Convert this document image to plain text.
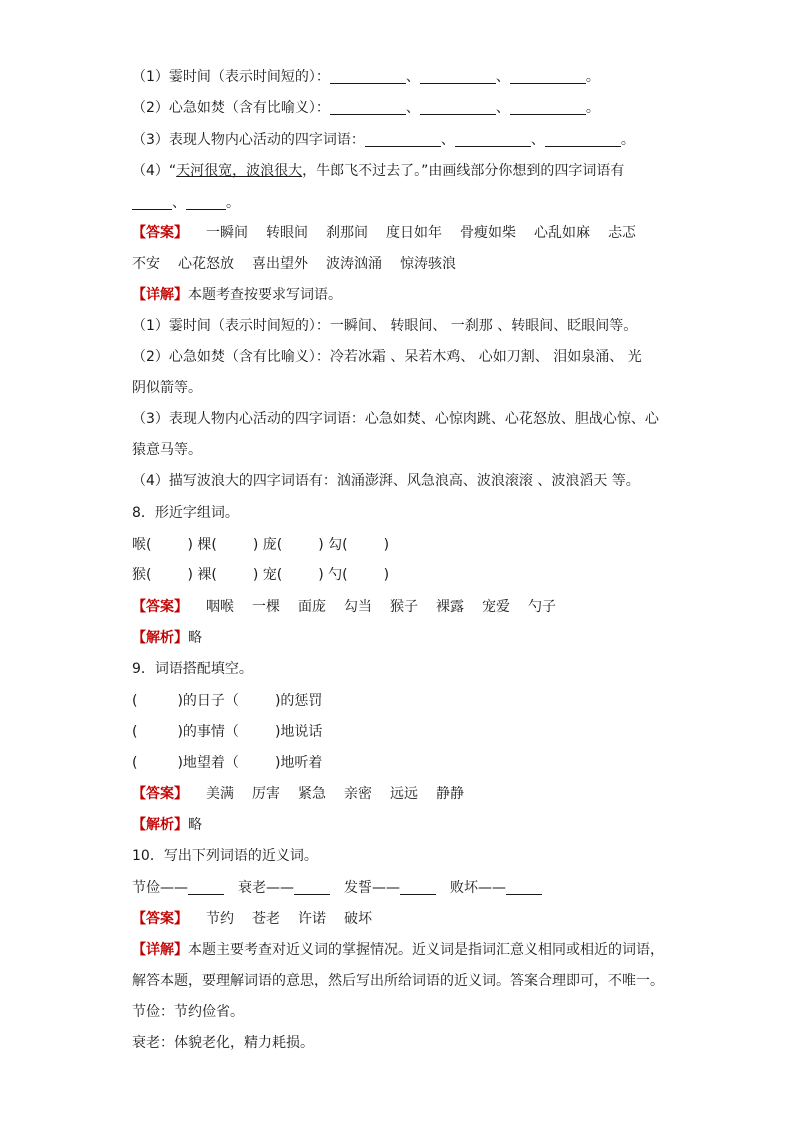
（1）霎时间（表示时间短的）：	、	、	。
（2）心急如焚（含有比喻义）：	、	、	。
（3）表现人物内心活动的四字词语：	、	、	。
（4）“天河很宽，波浪很大，牛郎飞不过去了。”由画线部分你想到的四字词语有
、	。
【答案】 一瞬间 转眼间 刹那间 度日如年 骨瘦如柴 心乱如麻 忐忑
不安 心花怒放 喜出望外 波涛汹涌 惊涛骇浪
【详解】本题考查按要求写词语。
（1）霎时间（表示时间短的）：一瞬间、 转眼间、 一刹那 、转眼间、眨眼间等。
（2）心急如焚（含有比喻义）：冷若冰霜 、呆若木鸡、 心如刀割、 泪如泉涌、 光
阴似箭等。
（3）表现人物内心活动的四字词语：心急如焚、心惊肉跳、心花怒放、胆战心惊、心
猿意马等。
（4）描写波浪大的四字词语有：汹涌澎湃、风急浪高、波浪滚滚 、波浪滔天 等。
8．形近字组词。
喉(	) 棵(	) 庞(	) 勾(	)
猴(	) 裸(	) 宠(	) 勺(	)
【答案】 咽喉 一棵 面庞 勾当 猴子 裸露 宠爱 勺子
【解析】略
9．词语搭配填空。
(	)的日子（	)的惩罚
(	)的事情（	)地说话
(	)地望着（	)地听着
【答案】 美满 厉害 紧急 亲密 远远 静静
【解析】略
10．写出下列词语的近义词。
节俭——	衰老——	发誓——	败坏——
【答案】 节约 苍老 许诺 破坏
【详解】本题主要考查对近义词的掌握情况。近义词是指词汇意义相同或相近的词语，
解答本题，要理解词语的意思，然后写出所给词语的近义词。答案合理即可，不唯一。
节俭：节约俭省。
衰老：体貌老化，精力耗损。
